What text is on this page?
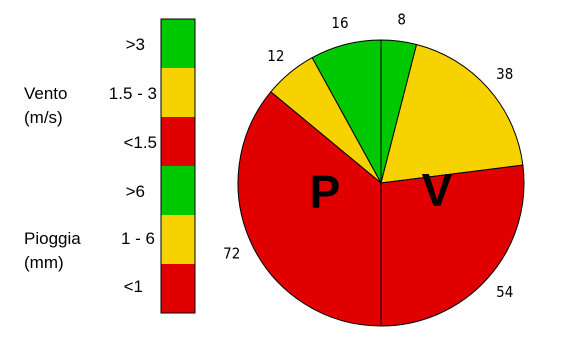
>3
1.5 - 3
<1.5
>6
1 - 6
<1
Vento
(m/s)
Pioggia
(mm)
8
38
54
16
12
72
P V
